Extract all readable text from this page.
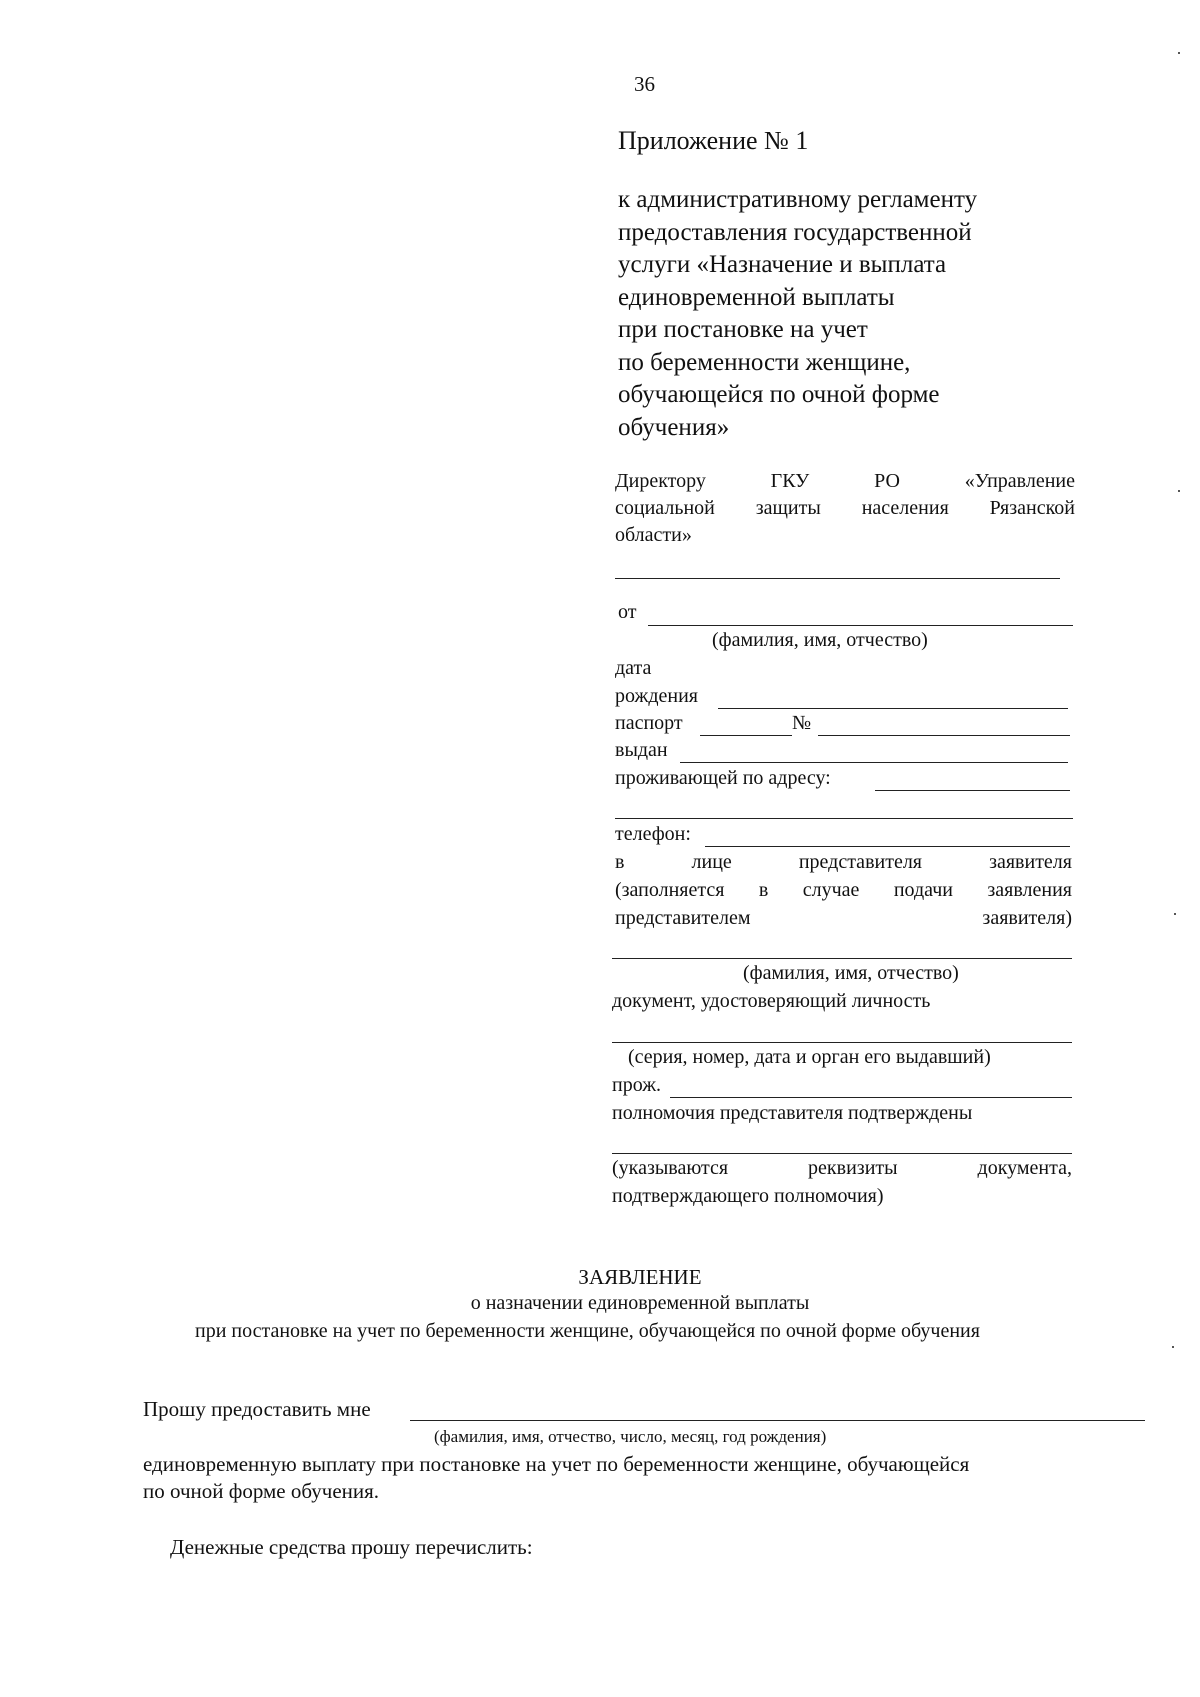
36
Приложение № 1
к административному регламенту
предоставления государственной
услуги «Назначение и выплата
единовременной выплаты
при постановке на учет
по беременности женщине,
обучающейся по очной форме
обучения»
Директору ГКУ РО «Управление
социальной защиты населения Рязанской
области»
от
(фамилия, имя, отчество)
дата
рождения
паспорт	№
выдан
проживающей по адресу:
телефон:
в лице представителя заявителя
(заполняется в случае подачи заявления
представителем заявителя)
(фамилия, имя, отчество)
документ, удостоверяющий личность
(серия, номер, дата и орган его выдавший)
прож.
полномочия представителя подтверждены
(указываются реквизиты документа,
подтверждающего полномочия)
ЗАЯВЛЕНИЕ
о назначении единовременной выплаты
при постановке на учет по беременности женщине, обучающейся по очной форме обучения
Прошу предоставить мне
(фамилия, имя, отчество, число, месяц, год рождения)
единовременную выплату при постановке на учет по беременности женщине, обучающейся
по очной форме обучения.
Денежные средства прошу перечислить:
